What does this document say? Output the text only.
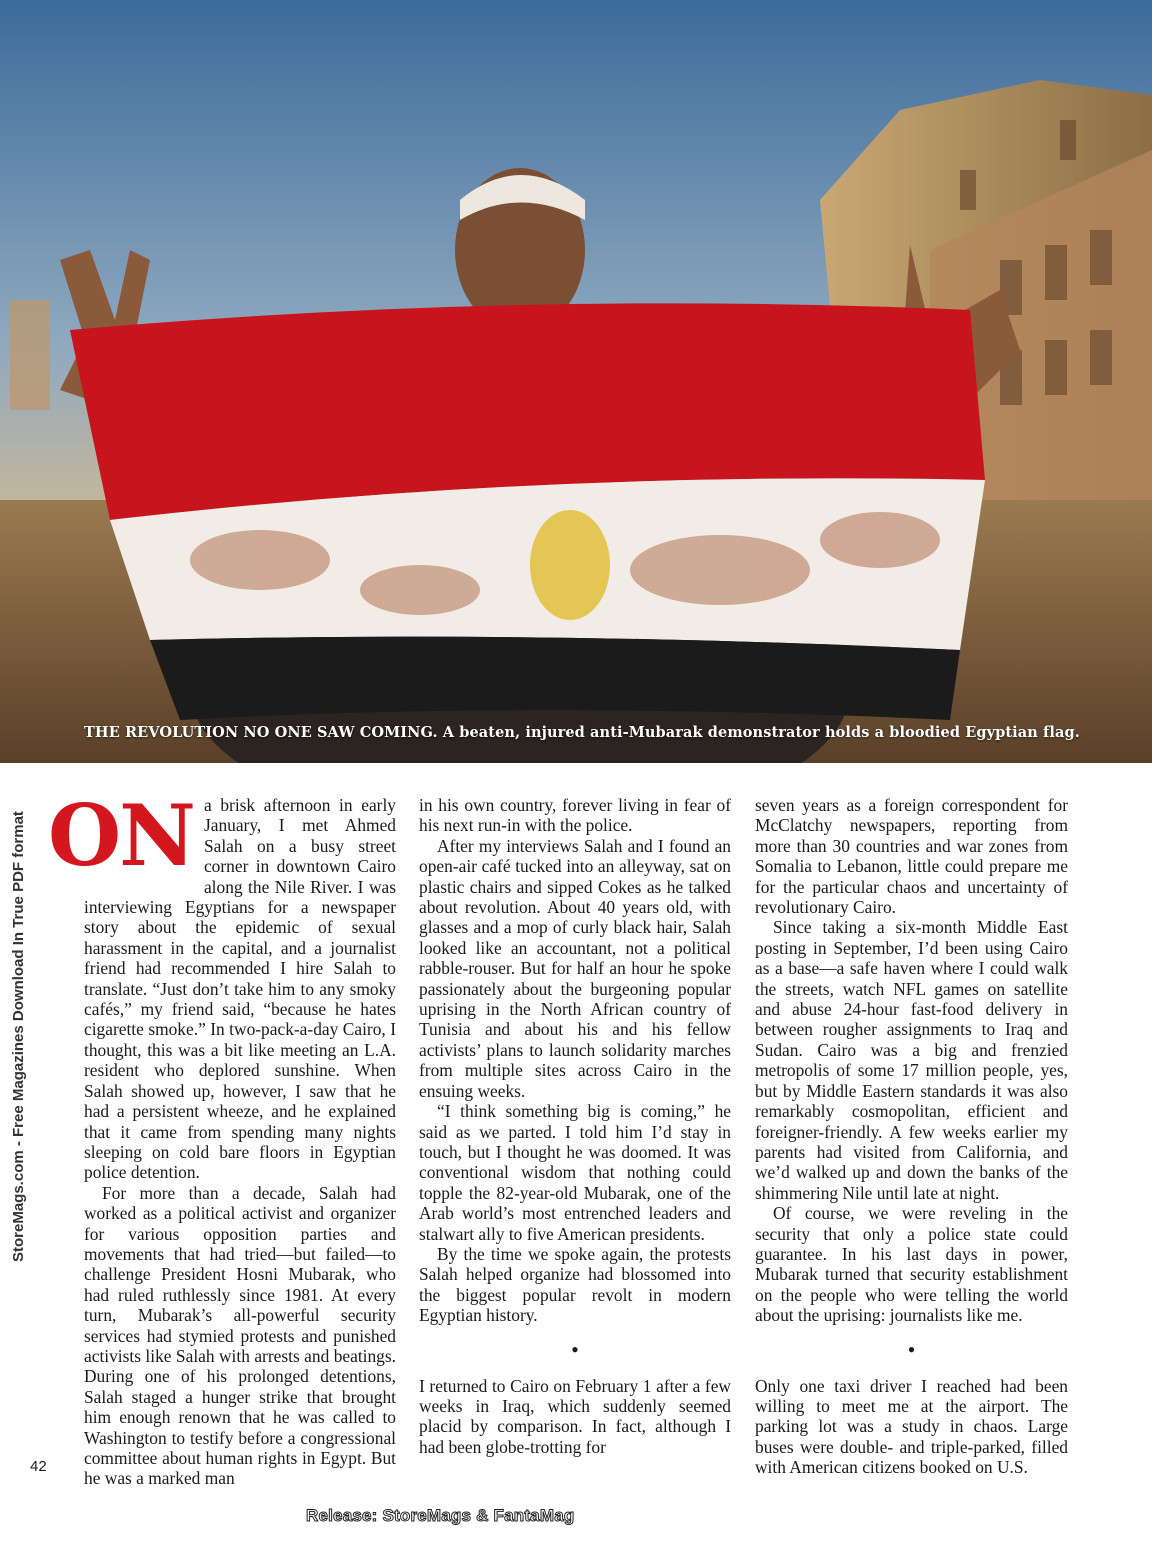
THE REVOLUTION NO ONE SAW COMING. A beaten, injured anti-Mubarak demonstrator holds a bloodied Egyptian flag.
StoreMags.com - Free Magazines Download In True PDF format ON a brisk afternoon in early January, I met Ahmed Salah on a busy street corner in downtown Cairo along the Nile River. I was interviewing Egyptians for a newspaper story about the epidemic of sexual harassment in the capital, and a journalist friend had recommended I hire Salah to translate. “Just don’t take him to any smoky cafés,” my friend said, “because he hates cigarette smoke.” In two-pack-a-day Cairo, I thought, this was a bit like meeting an L.A. resident who deplored sunshine. When Salah showed up, however, I saw that he had a persistent wheeze, and he explained that it came from spending many nights sleeping on cold bare floors in Egyptian police detention.

For more than a decade, Salah had worked as a political activist and organizer for various opposition parties and movements that had tried—but failed—to challenge President Hosni Mubarak, who had ruled ruthlessly since 1981. At every turn, Mubarak’s all-powerful security services had stymied protests and punished activists like Salah with arrests and beatings. During one of his prolonged detentions, Salah staged a hunger strike that brought him enough renown that he was called to Washington to testify before a congressional committee about human rights in Egypt. But he was a marked man

in his own country, forever living in fear of his next run-in with the police.

After my interviews Salah and I found an open-air café tucked into an alleyway, sat on plastic chairs and sipped Cokes as he talked about revolution. About 40 years old, with glasses and a mop of curly black hair, Salah looked like an accountant, not a political rabble-rouser. But for half an hour he spoke passionately about the burgeoning popular uprising in the North African country of Tunisia and about his and his fellow activists’ plans to launch solidarity marches from multiple sites across Cairo in the ensuing weeks.

“I think something big is coming,” he said as we parted. I told him I’d stay in touch, but I thought he was doomed. It was conventional wisdom that nothing could topple the 82-year-old Mubarak, one of the Arab world’s most entrenched leaders and stalwart ally to five American presidents.

By the time we spoke again, the protests Salah helped organize had blossomed into the biggest popular revolt in modern Egyptian history.

•

I returned to Cairo on February 1 after a few weeks in Iraq, which suddenly seemed placid by comparison. In fact, although I had been globe-trotting for

seven years as a foreign correspondent for McClatchy newspapers, reporting from more than 30 countries and war zones from Somalia to Lebanon, little could prepare me for the particular chaos and uncertainty of revolutionary Cairo.

Since taking a six-month Middle East posting in September, I’d been using Cairo as a base—a safe haven where I could walk the streets, watch NFL games on satellite and abuse 24-hour fast-food delivery in between rougher assignments to Iraq and Sudan. Cairo was a big and frenzied metropolis of some 17 million people, yes, but by Middle Eastern standards it was also remarkably cosmopolitan, efficient and foreigner-friendly. A few weeks earlier my parents had visited from California, and we’d walked up and down the banks of the shimmering Nile until late at night.

Of course, we were reveling in the security that only a police state could guarantee. In his last days in power, Mubarak turned that security establishment on the people who were telling the world about the uprising: journalists like me.

•

Only one taxi driver I reached had been willing to meet me at the airport. The parking lot was a study in chaos. Large buses were double- and triple-parked, filled with American citizens booked on U.S.

42
Release: StoreMags & FantaMag
